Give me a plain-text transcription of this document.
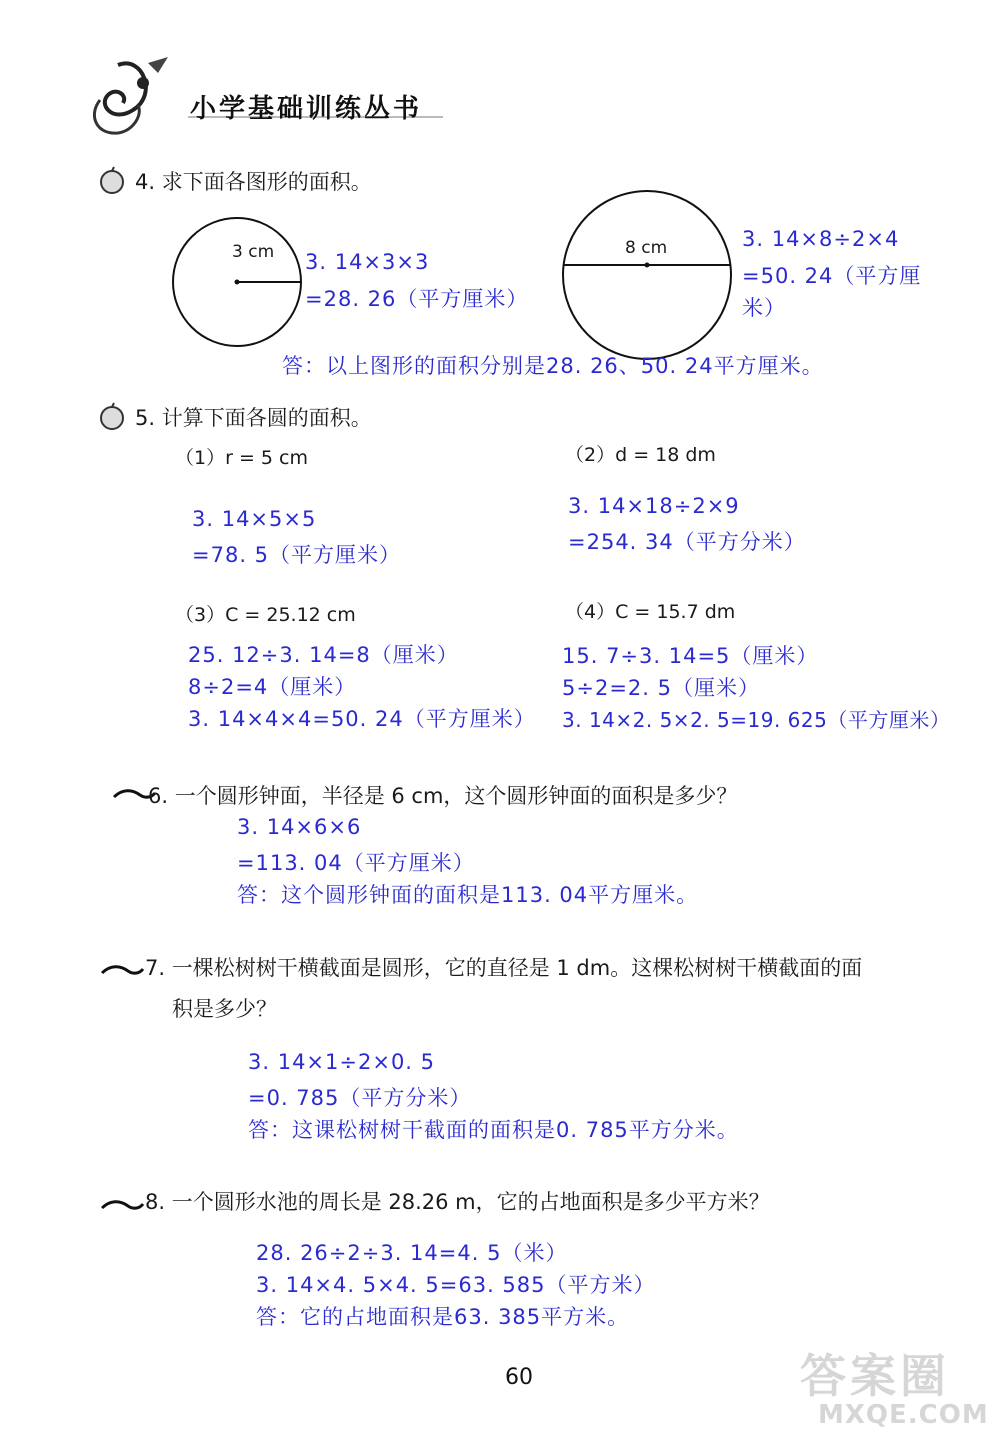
小学基础训练丛书
4. 求下面各图形的面积。
3 cm 3. 14×3×3
=28. 26（平方厘米）
8 cm	3. 14×8÷2×4
=50. 24（平方厘
米）
答：以上图形的面积分别是28. 26、50. 24平方厘米。
5. 计算下面各圆的面积。
（1）r = 5 cm
3. 14×5×5
=78. 5（平方厘米）
（2）d = 18 dm
3. 14×18÷2×9
=254. 34（平方分米）
（3）C = 25.12 cm
25. 12÷3. 14=8（厘米）
8÷2=4（厘米）
3. 14×4×4=50. 24（平方厘米）
（4）C = 15.7 dm
15. 7÷3. 14=5（厘米）
5÷2=2. 5（厘米）
3. 14×2. 5×2. 5=19. 625（平方厘米）
6. 一个圆形钟面，半径是 6 cm，这个圆形钟面的面积是多少？
3. 14×6×6
=113. 04（平方厘米）
答：这个圆形钟面的面积是113. 04平方厘米。
7. 一棵松树树干横截面是圆形，它的直径是 1 dm。这棵松树树干横截面的面
积是多少？
3. 14×1÷2×0. 5
=0. 785（平方分米）
答：这课松树树干截面的面积是0. 785平方分米。
8. 一个圆形水池的周长是 28.26 m，它的占地面积是多少平方米？
28. 26÷2÷3. 14=4. 5（米）
3. 14×4. 5×4. 5=63. 585（平方米）
答：它的占地面积是63. 385平方米。
60	答案圈
MXQE.COM
